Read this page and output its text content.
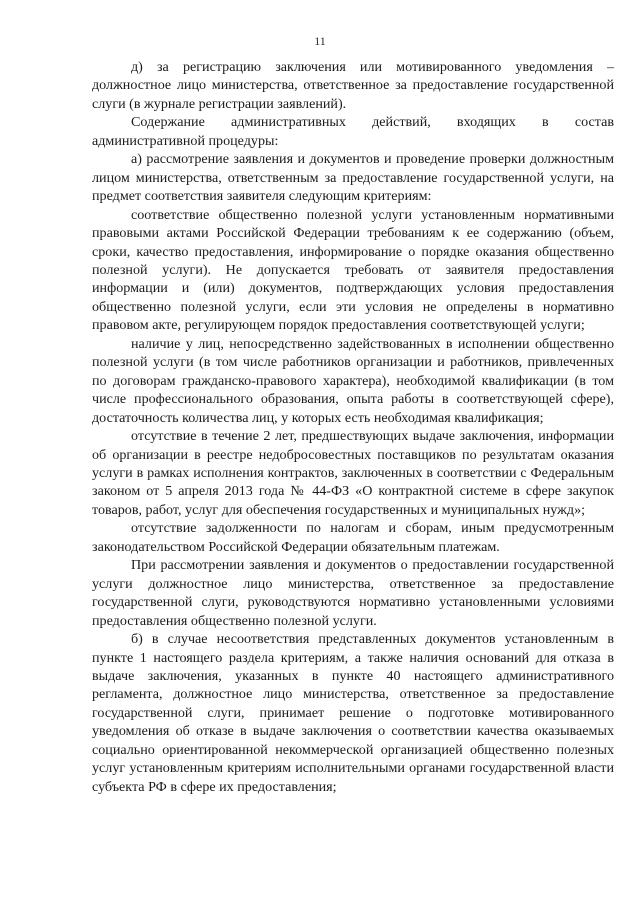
11

д) за регистрацию заключения или мотивированного уведомления – должностное лицо министерства, ответственное за предоставление государственной слуги (в журнале регистрации заявлений).

Содержание административных действий, входящих в состав административной процедуры:

а) рассмотрение заявления и документов и проведение проверки должностным лицом министерства, ответственным за предоставление государственной услуги, на предмет соответствия заявителя следующим критериям:

соответствие общественно полезной услуги установленным нормативными правовыми актами Российской Федерации требованиям к ее содержанию (объем, сроки, качество предоставления, информирование о порядке оказания общественно полезной услуги). Не допускается требовать от заявителя предоставления информации и (или) документов, подтверждающих условия предоставления общественно полезной услуги, если эти условия не определены в нормативно правовом акте, регулирующем порядок предоставления соответствующей услуги;

наличие у лиц, непосредственно задействованных в исполнении общественно полезной услуги (в том числе работников организации и работников, привлеченных по договорам гражданско-правового характера), необходимой квалификации (в том числе профессионального образования, опыта работы в соответствующей сфере), достаточность количества лиц, у которых есть необходимая квалификация;

отсутствие в течение 2 лет, предшествующих выдаче заключения, информации об организации в реестре недобросовестных поставщиков по результатам оказания услуги в рамках исполнения контрактов, заключенных в соответствии с Федеральным законом от 5 апреля 2013 года № 44-ФЗ «О контрактной системе в сфере закупок товаров, работ, услуг для обеспечения государственных и муниципальных нужд»;

отсутствие задолженности по налогам и сборам, иным предусмотренным законодательством Российской Федерации обязательным платежам.

При рассмотрении заявления и документов о предоставлении государственной услуги должностное лицо министерства, ответственное за предоставление государственной слуги, руководствуются нормативно установленными условиями предоставления общественно полезной услуги.

б) в случае несоответствия представленных документов установленным в пункте 1 настоящего раздела критериям, а также наличия оснований для отказа в выдаче заключения, указанных в пункте 40 настоящего административного регламента, должностное лицо министерства, ответственное за предоставление государственной слуги, принимает решение о подготовке мотивированного уведомления об отказе в выдаче заключения о соответствии качества оказываемых социально ориентированной некоммерческой организацией общественно полезных услуг установленным критериям исполнительными органами государственной власти субъекта РФ в сфере их предоставления;
